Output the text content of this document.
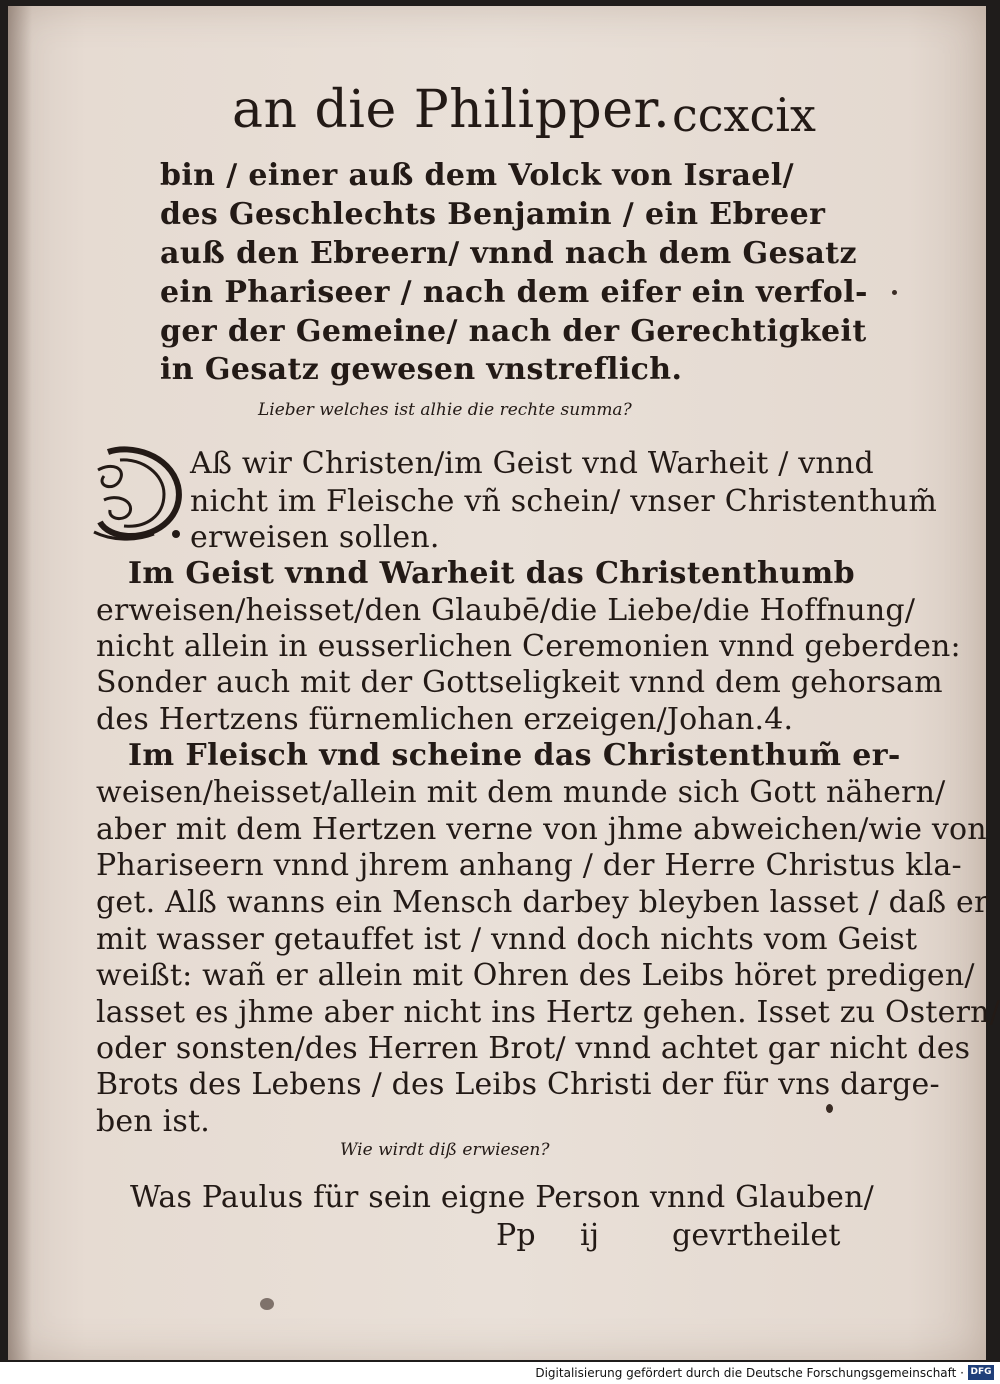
an die Philipper. ccxcix
bin / einer auß dem Volck von Israel/
des Geschlechts Benjamin / ein Ebreer
auß den Ebreern/ vnnd nach dem Gesatz
ein Phariseer / nach dem eifer ein verfol-
ger der Gemeine/ nach der Gerechtigkeit
in Gesatz gewesen vnstreflich.
Lieber welches ist alhie die rechte summa?
Aß wir Christen/im Geist vnd Warheit / vnnd
nicht im Fleische vñ schein/ vnser Christenthum̃
erweisen sollen.
Im Geist vnnd Warheit das Christenthumb
erweisen/heisset/den Glaubē/die Liebe/die Hoffnung/
nicht allein in eusserlichen Ceremonien vnnd geberden:
Sonder auch mit der Gottseligkeit vnnd dem gehorsam
des Hertzens fürnemlichen erzeigen/Johan.4.
Im Fleisch vnd scheine das Christenthum̃ er-
weisen/heisset/allein mit dem munde sich Gott nähern/
aber mit dem Hertzen verne von jhme abweichen/wie von
Phariseern vnnd jhrem anhang / der Herre Christus kla-
get. Alß wanns ein Mensch darbey bleyben lasset / daß er
mit wasser getauffet ist / vnnd doch nichts vom Geist
weißt: wañ er allein mit Ohren des Leibs höret predigen/
lasset es jhme aber nicht ins Hertz gehen. Isset zu Ostern/
oder sonsten/des Herren Brot/ vnnd achtet gar nicht des
Brots des Lebens / des Leibs Christi der für vns darge-
ben ist.
Wie wirdt diß erwiesen?
Was Paulus für sein eigne Person vnnd Glauben/
Pp ij gevrtheilet
Digitalisierung gefördert durch die Deutsche Forschungsgemeinschaft · DFG
